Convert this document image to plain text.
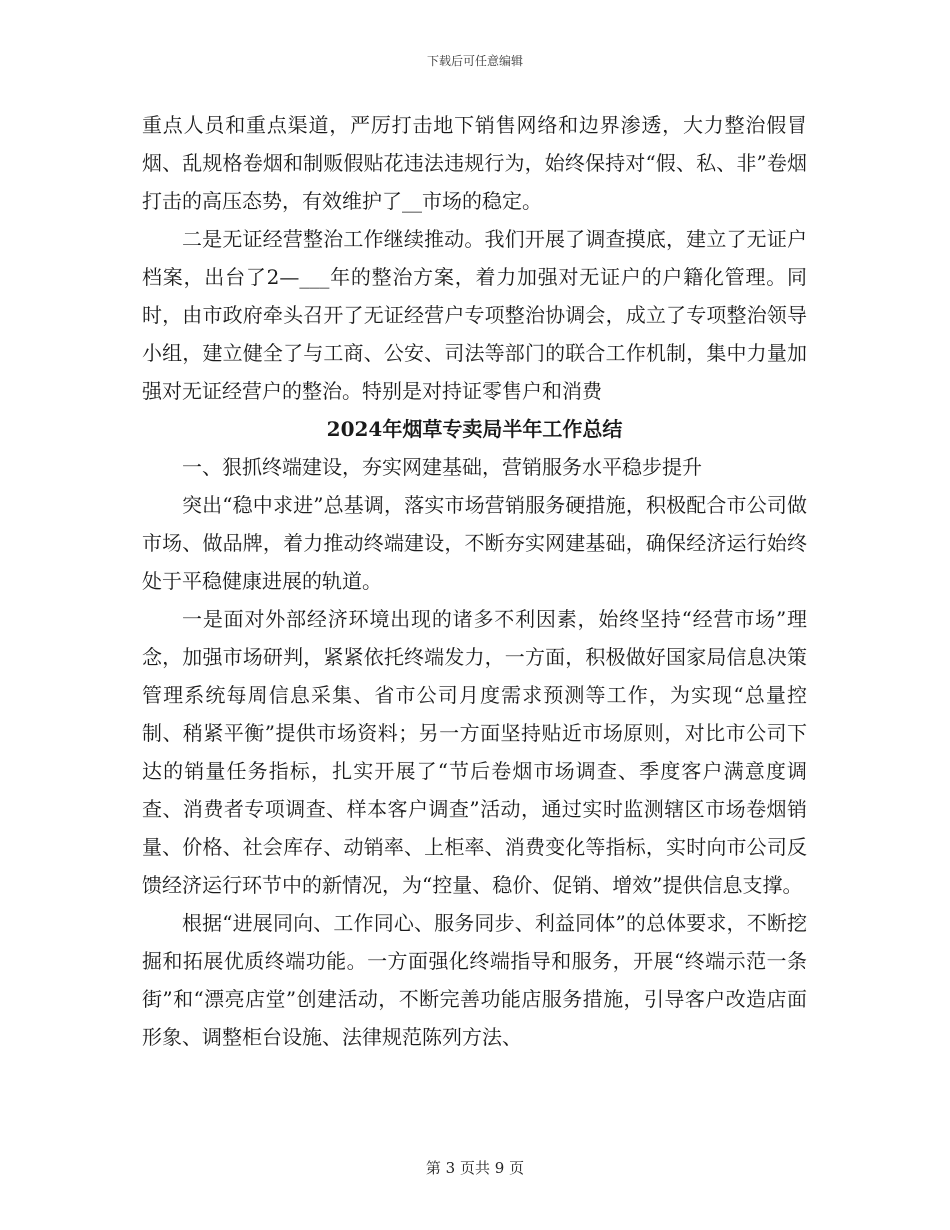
下载后可任意编辑

重点人员和重点渠道，严厉打击地下销售网络和边界渗透，大力整治假冒烟、乱规格卷烟和制贩假贴花违法违规行为，始终保持对“假、私、非”卷烟打击的高压态势，有效维护了__市场的稳定。

二是无证经营整治工作继续推动。我们开展了调查摸底，建立了无证户档案，出台了2—___年的整治方案，着力加强对无证户的户籍化管理。同时，由市政府牵头召开了无证经营户专项整治协调会，成立了专项整治领导小组，建立健全了与工商、公安、司法等部门的联合工作机制，集中力量加强对无证经营户的整治。特别是对持证零售户和消费

2024年烟草专卖局半年工作总结

一、狠抓终端建设，夯实网建基础，营销服务水平稳步提升

突出“稳中求进”总基调，落实市场营销服务硬措施，积极配合市公司做市场、做品牌，着力推动终端建设，不断夯实网建基础，确保经济运行始终处于平稳健康进展的轨道。

一是面对外部经济环境出现的诸多不利因素，始终坚持“经营市场”理念，加强市场研判，紧紧依托终端发力，一方面，积极做好国家局信息决策管理系统每周信息采集、省市公司月度需求预测等工作，为实现“总量控制、稍紧平衡”提供市场资料；另一方面坚持贴近市场原则，对比市公司下达的销量任务指标，扎实开展了“节后卷烟市场调查、季度客户满意度调查、消费者专项调查、样本客户调查”活动，通过实时监测辖区市场卷烟销量、价格、社会库存、动销率、上柜率、消费变化等指标，实时向市公司反馈经济运行环节中的新情况，为“控量、稳价、促销、增效”提供信息支撑。

根据“进展同向、工作同心、服务同步、利益同体”的总体要求，不断挖掘和拓展优质终端功能。一方面强化终端指导和服务，开展“终端示范一条街”和“漂亮店堂”创建活动，不断完善功能店服务措施，引导客户改造店面形象、调整柜台设施、法律规范陈列方法、

第 3 页共 9 页
